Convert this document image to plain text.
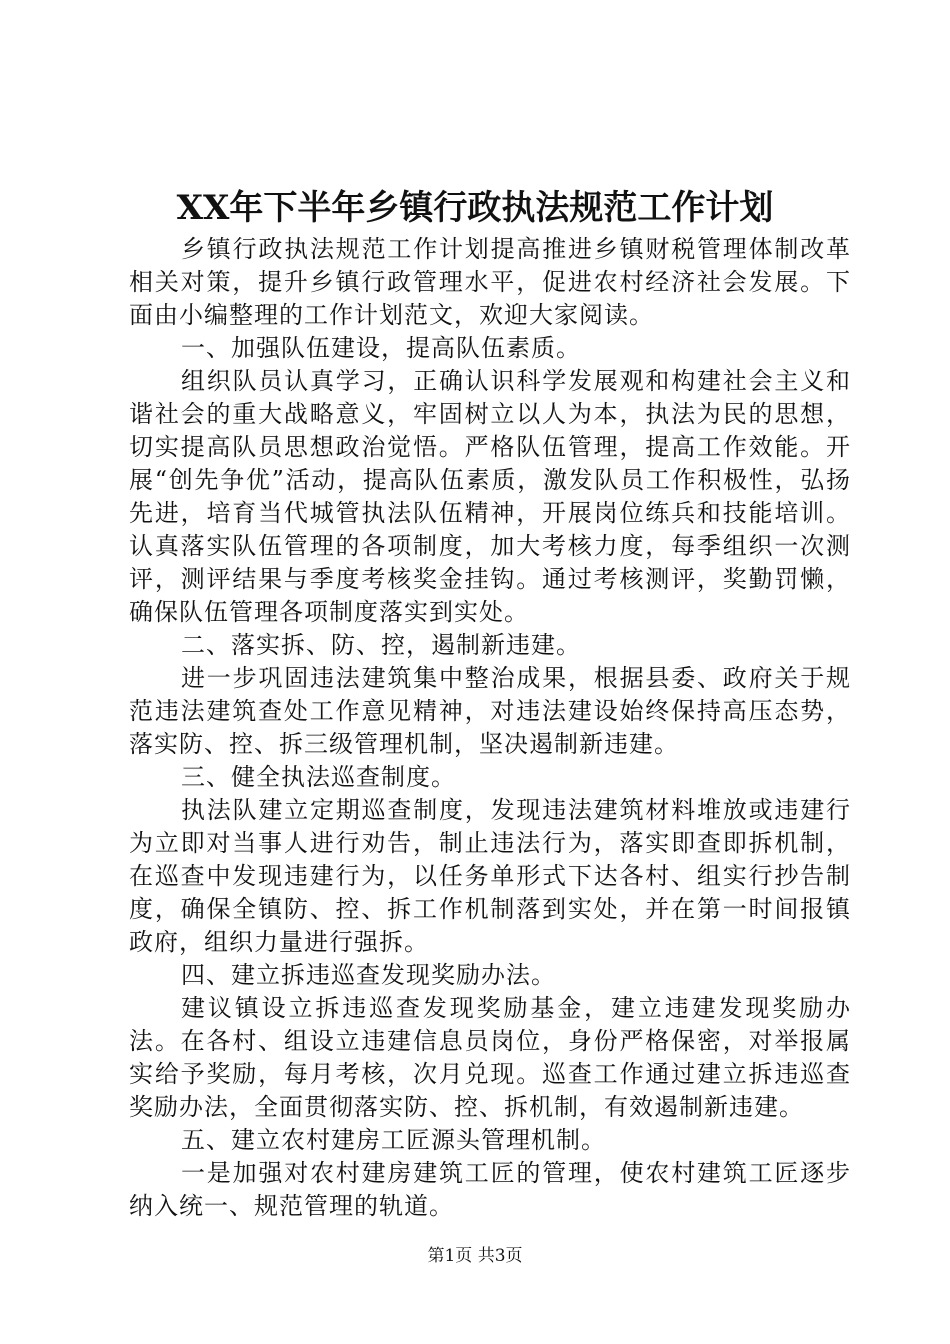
XX年下半年乡镇行政执法规范工作计划

乡镇行政执法规范工作计划提高推进乡镇财税管理体制改革相关对策，提升乡镇行政管理水平，促进农村经济社会发展。下面由小编整理的工作计划范文，欢迎大家阅读。

一、加强队伍建设，提高队伍素质。

组织队员认真学习，正确认识科学发展观和构建社会主义和谐社会的重大战略意义，牢固树立以人为本，执法为民的思想，切实提高队员思想政治觉悟。严格队伍管理，提高工作效能。开展“创先争优”活动，提高队伍素质，激发队员工作积极性，弘扬先进，培育当代城管执法队伍精神，开展岗位练兵和技能培训。认真落实队伍管理的各项制度，加大考核力度，每季组织一次测评，测评结果与季度考核奖金挂钩。通过考核测评，奖勤罚懒，确保队伍管理各项制度落实到实处。

二、落实拆、防、控，遏制新违建。

进一步巩固违法建筑集中整治成果，根据县委、政府关于规范违法建筑查处工作意见精神，对违法建设始终保持高压态势，落实防、控、拆三级管理机制，坚决遏制新违建。

三、健全执法巡查制度。

执法队建立定期巡查制度，发现违法建筑材料堆放或违建行为立即对当事人进行劝告，制止违法行为，落实即查即拆机制，在巡查中发现违建行为，以任务单形式下达各村、组实行抄告制度，确保全镇防、控、拆工作机制落到实处，并在第一时间报镇政府，组织力量进行强拆。

四、建立拆违巡查发现奖励办法。

建议镇设立拆违巡查发现奖励基金，建立违建发现奖励办法。在各村、组设立违建信息员岗位，身份严格保密，对举报属实给予奖励，每月考核，次月兑现。巡查工作通过建立拆违巡查奖励办法，全面贯彻落实防、控、拆机制，有效遏制新违建。

五、建立农村建房工匠源头管理机制。

一是加强对农村建房建筑工匠的管理，使农村建筑工匠逐步纳入统一、规范管理的轨道。

第1页 共3页
